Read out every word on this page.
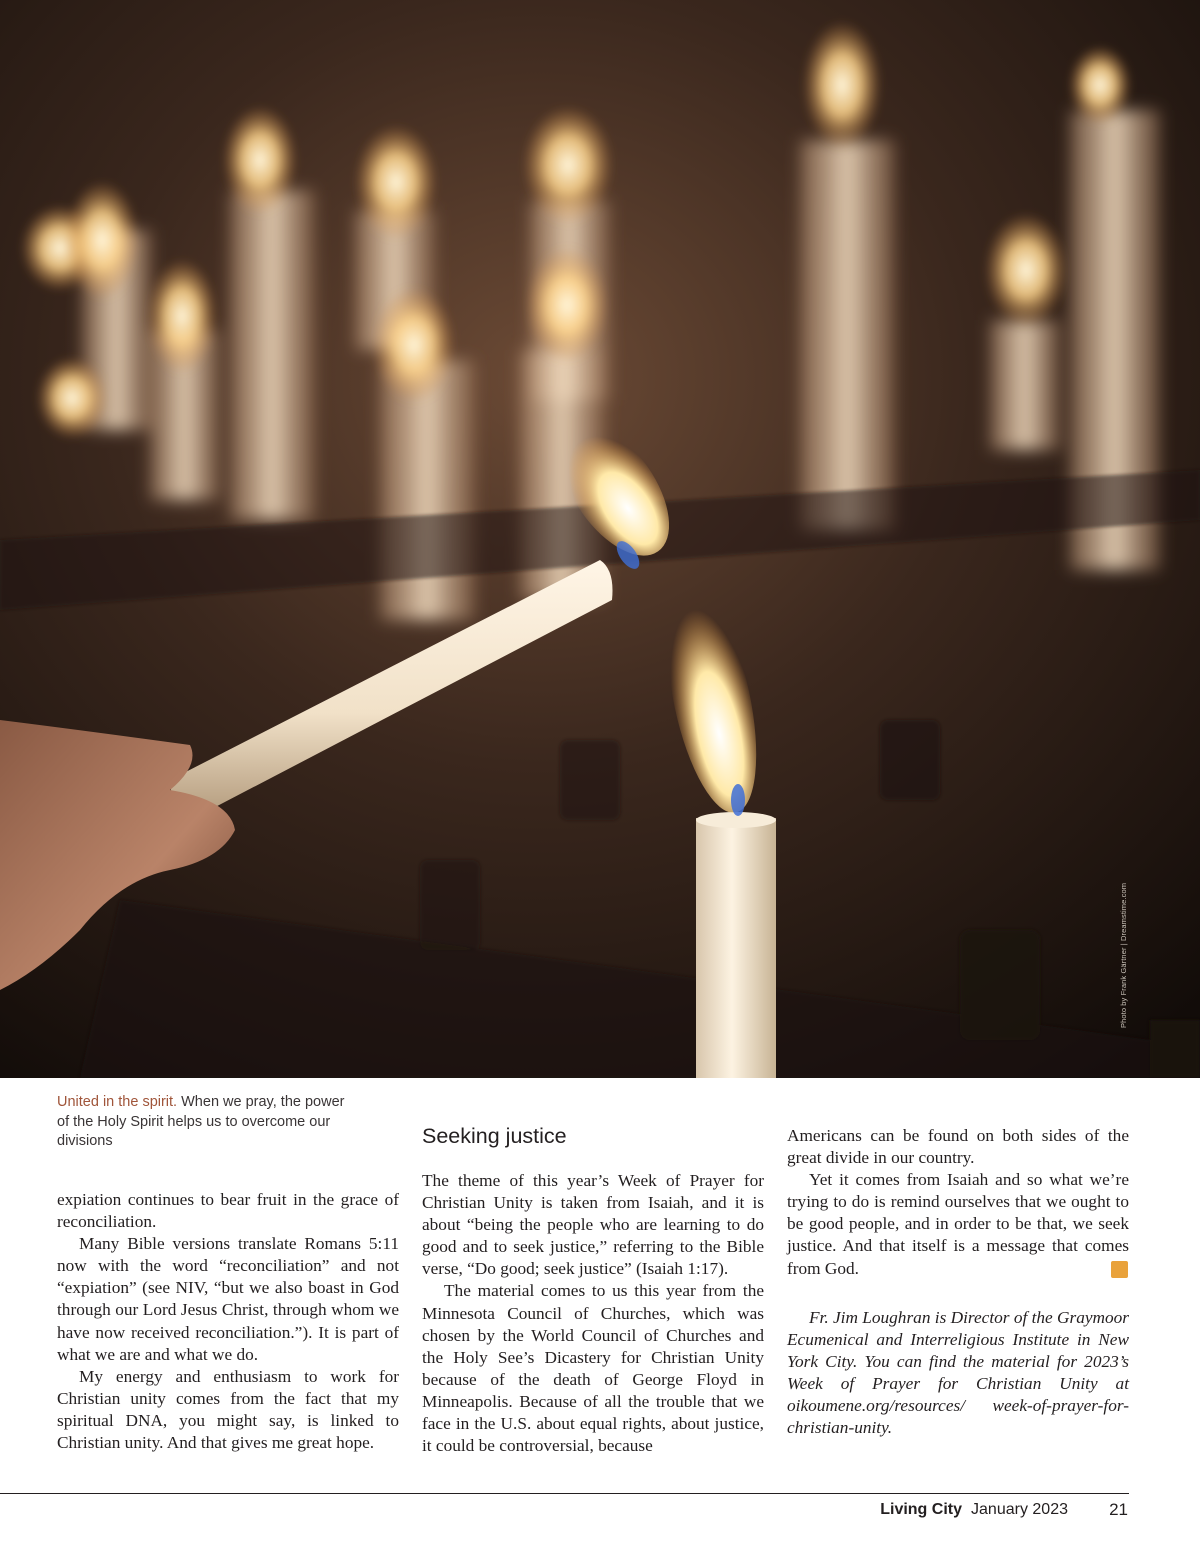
Photo by Frank Gärtner | Dreamstime.com
United in the spirit. When we pray, the power of the Holy Spirit helps us to overcome our divisions

expiation continues to bear fruit in the grace of reconciliation.

Many Bible versions translate Romans 5:11 now with the word “reconciliation” and not “expiation” (see NIV, “but we also boast in God through our Lord Jesus Christ, through whom we have now received reconciliation.”). It is part of what we are and what we do.

My energy and enthusiasm to work for Christian unity comes from the fact that my spiritual DNA, you might say, is linked to Christian unity. And that gives me great hope.

Seeking justice

The theme of this year’s Week of Prayer for Christian Unity is taken from Isaiah, and it is about “being the people who are learning to do good and to seek justice,” referring to the Bible verse, “Do good; seek justice” (Isaiah 1:17).

The material comes to us this year from the Minnesota Council of Churches, which was chosen by the World Council of Churches and the Holy See’s Dicastery for Christian Unity because of the death of George Floyd in Minneapolis. Because of all the trouble that we face in the U.S. about equal rights, about justice, it could be controversial, because

Americans can be found on both sides of the great divide in our country.

Yet it comes from Isaiah and so what we’re trying to do is remind ourselves that we ought to be good people, and in order to be that, we seek justice. And that itself is a message that comes from God.	LC

Fr. Jim Loughran is Director of the Graymoor Ecumenical and Interreligious Institute in New York City. You can find the material for 2023’s Week of Prayer for Christian Unity at oikoumene.org/resources/ week-of-prayer-for-christian-unity.

Living City January 2023 21
